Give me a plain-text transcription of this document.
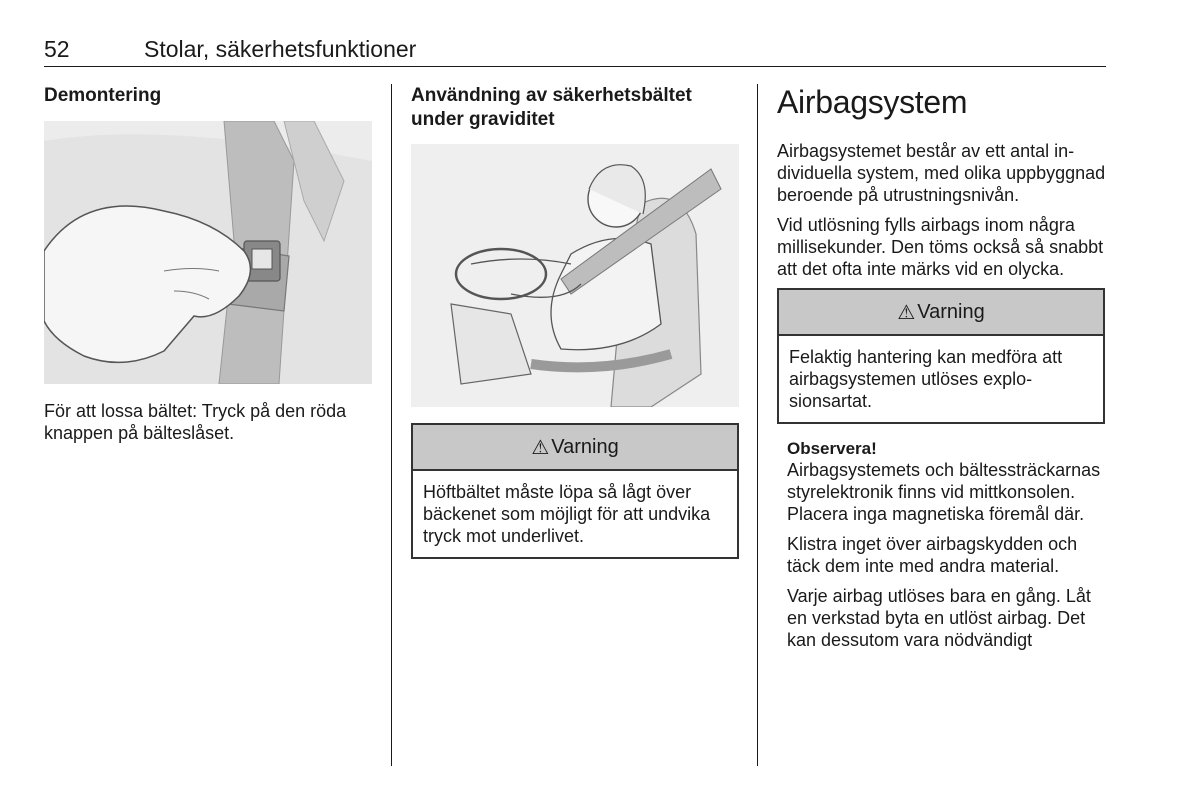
52	Stolar, säkerhetsfunktioner
Demontering

För att lossa bältet: Tryck på den röda knappen på bälteslåset.

Användning av säkerhetsbältet under graviditet
⚠ Varning
Höftbältet måste löpa så lågt över bäckenet som möjligt för att undvika tryck mot underlivet.
Airbagsystem

Airbagsystemet består av ett antal individuella system, med olika uppbyggnad beroende på utrustningsnivån.

Vid utlösning fylls airbags inom några millisekunder. Den töms också så snabbt att det ofta inte märks vid en olycka.

⚠ Varning
Felaktig hantering kan medföra att airbagsystemen utlöses explosionsartat.
Observera!

Airbagsystemets och bältessträckarnas styrelektronik finns vid mittkonsolen. Placera inga magnetiska föremål där.

Klistra inget över airbagskydden och täck dem inte med andra material.

Varje airbag utlöses bara en gång. Låt en verkstad byta en utlöst airbag. Det kan dessutom vara nödvändigt
